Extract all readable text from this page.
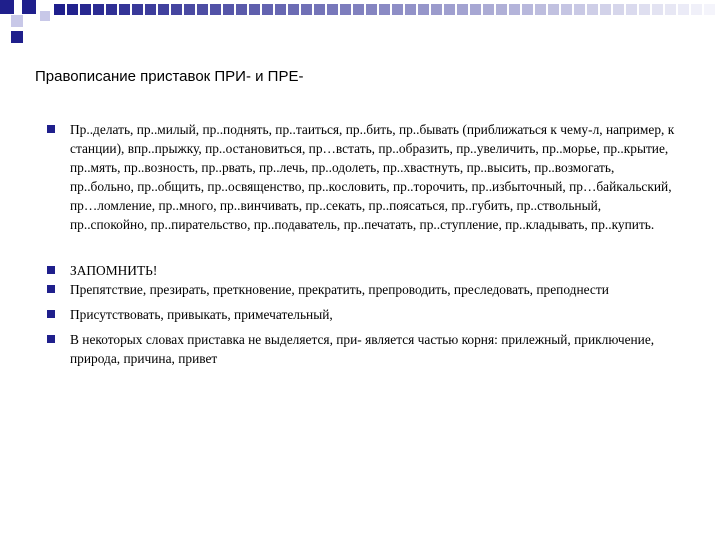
Правописание приставок ПРИ- и ПРЕ-
Пр..делать, пр..милый, пр..поднять, пр..таиться, пр..бить, пр..бывать (приближаться к чему-л, например, к станции), впр..прыжку, пр..остановиться, пр…встать, пр..образить, пр..увеличить, пр..морье, пр..крытие, пр..мять, пр..возность, пр..рвать, пр..лечь, пр..одолеть, пр..хвастнуть, пр..высить, пр..возмогать, пр..больно, пр..общить, пр..освященство, пр..кословить, пр..торочить, пр..избыточный, пр…байкальский, пр…ломление, пр..много, пр..винчивать, пр..секать, пр..поясаться, пр..губить, пр..ствольный, пр..спокойно, пр..пирательство, пр..подаватель, пр..печатать, пр..ступление, пр..кладывать, пр..купить.
ЗАПОМНИТЬ!
Препятствие, презирать, преткновение, прекратить, препроводить, преследовать, преподнести
Присутствовать, привыкать, примечательный,
В некоторых словах приставка не выделяется, при- является частью корня: прилежный, приключение, природа, причина, привет
